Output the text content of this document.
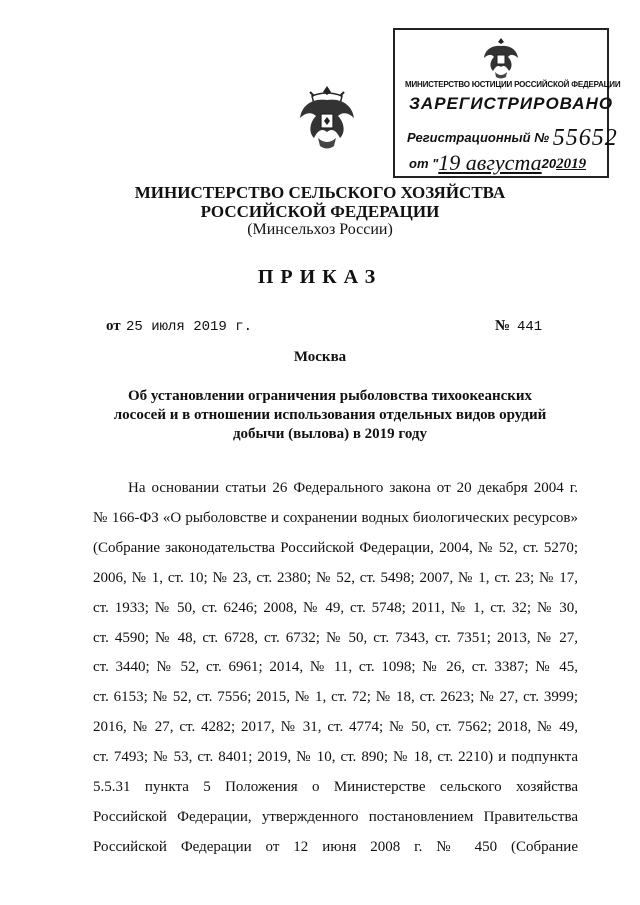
МИНИСТЕРСТВО ЮСТИЦИИ РОССИЙСКОЙ ФЕДЕРАЦИИ
ЗАРЕГИСТРИРОВАНО
Регистрационный № 55652
от "19 августа202019
МИНИСТЕРСТВО СЕЛЬСКОГО ХОЗЯЙСТВА
РОССИЙСКОЙ ФЕДЕРАЦИИ
(Минсельхоз России)
ПРИКАЗ
от 25 июля 2019 г.	№ 441
Москва
Об установлении ограничения рыболовства тихоокеанских
лососей и в отношении использования отдельных видов орудий
добычи (вылова) в 2019 году
На основании статьи 26 Федерального закона от 20 декабря 2004 г.
№ 166-ФЗ «О рыболовстве и сохранении водных биологических ресурсов»
(Собрание законодательства Российской Федерации, 2004, № 52, ст. 5270;
2006, № 1, ст. 10; № 23, ст. 2380; № 52, ст. 5498; 2007, № 1, ст. 23; № 17,
ст. 1933; № 50, ст. 6246; 2008, № 49, ст. 5748; 2011, № 1, ст. 32; № 30,
ст. 4590; № 48, ст. 6728, ст. 6732; № 50, ст. 7343, ст. 7351; 2013, № 27,
ст. 3440; № 52, ст. 6961; 2014, № 11, ст. 1098; № 26, ст. 3387; № 45,
ст. 6153; № 52, ст. 7556; 2015, № 1, ст. 72; № 18, ст. 2623; № 27, ст. 3999;
2016, № 27, ст. 4282; 2017, № 31, ст. 4774; № 50, ст. 7562; 2018, № 49,
ст. 7493; № 53, ст. 8401; 2019, № 10, ст. 890; № 18, ст. 2210) и подпункта
5.5.31 пункта 5 Положения о Министерстве сельского хозяйства
Российской Федерации, утвержденного постановлением Правительства
Российской Федерации от 12 июня 2008 г. № 450 (Собрание
